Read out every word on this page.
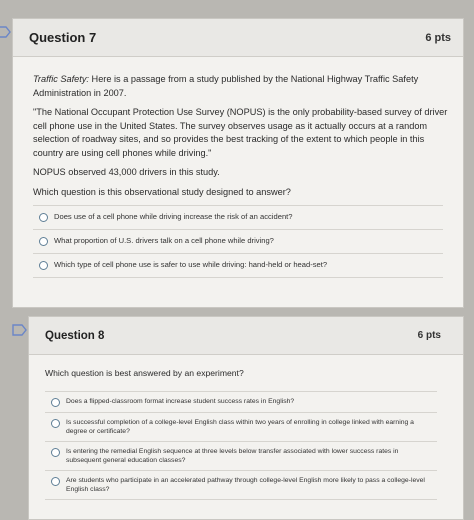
Question 7	6 pts

Traffic Safety: Here is a passage from a study published by the National Highway Traffic Safety Administration in 2007.

"The National Occupant Protection Use Survey (NOPUS) is the only probability-based survey of driver cell phone use in the United States. The survey observes usage as it actually occurs at a random selection of roadway sites, and so provides the best tracking of the extent to which people in this country are using cell phones while driving."

NOPUS observed 43,000 drivers in this study.

Which question is this observational study designed to answer?

Does use of a cell phone while driving increase the risk of an accident?
What proportion of U.S. drivers talk on a cell phone while driving?
Which type of cell phone use is safer to use while driving: hand-held or head-set?
Question 8	6 pts

Which question is best answered by an experiment?

Does a flipped-classroom format increase student success rates in English?
Is successful completion of a college-level English class within two years of enrolling in college linked with earning a degree or certificate?
Is entering the remedial English sequence at three levels below transfer associated with lower success rates in subsequent general education classes?
Are students who participate in an accelerated pathway through college-level English more likely to pass a college-level English class?
